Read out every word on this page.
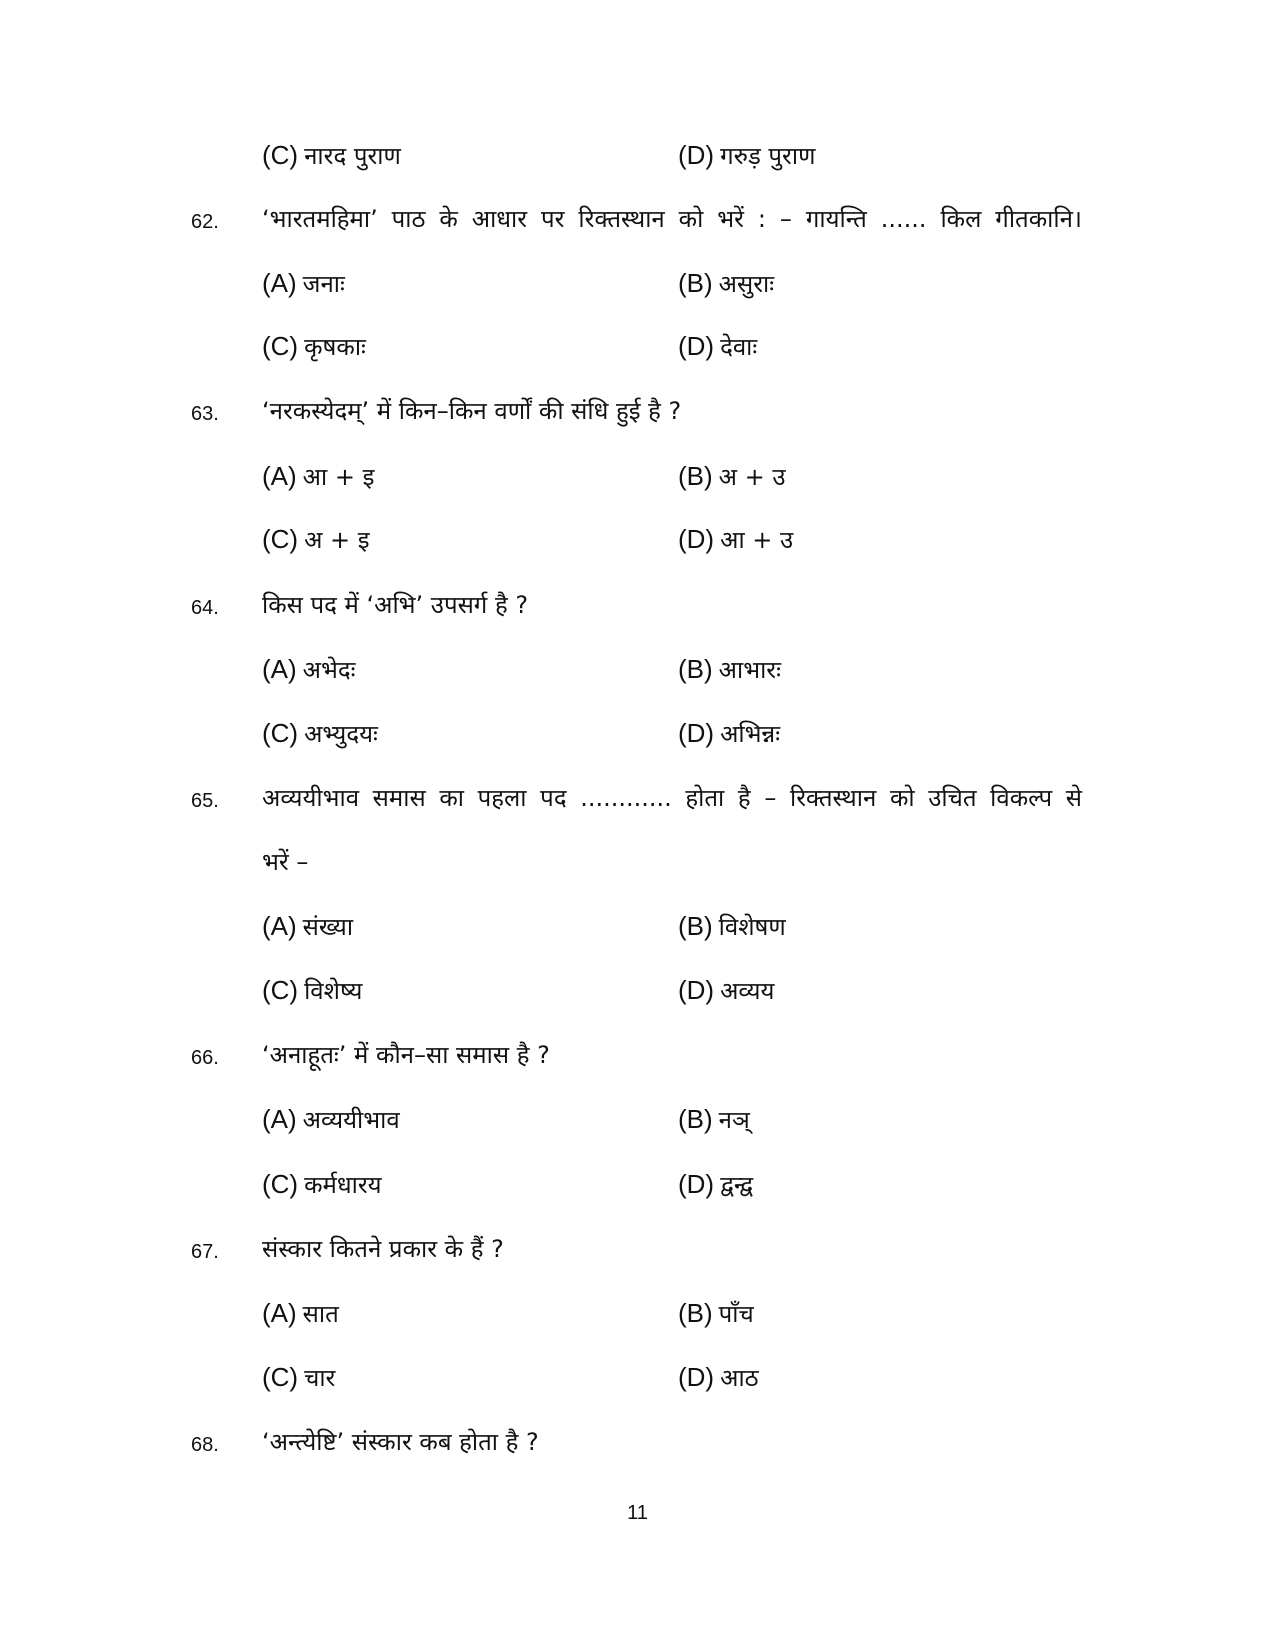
(C) नारद पुराण	(D) गरुड़ पुराण
62. ‘भारतमहिमा’ पाठ के आधार पर रिक्तस्थान को भरें : – गायन्ति ...... किल गीतकानि।
(A) जनाः	(B) असुराः
(C) कृषकाः	(D) देवाः
63. ‘नरकस्येदम्’ में किन–किन वर्णों की संधि हुई है ?
(A) आ + इ	(B) अ + उ
(C) अ + इ	(D) आ + उ
64. किस पद में ‘अभि’ उपसर्ग है ?
(A) अभेदः	(B) आभारः
(C) अभ्युदयः	(D) अभिन्नः
65. अव्ययीभाव समास का पहला पद ............ होता है – रिक्तस्थान को उचित विकल्प से
भरें –
(A) संख्या	(B) विशेषण
(C) विशेष्य	(D) अव्यय
66. ‘अनाहूतः’ में कौन–सा समास है ?
(A) अव्ययीभाव	(B) नञ्
(C) कर्मधारय	(D) द्वन्द्व
67. संस्कार कितने प्रकार के हैं ?
(A) सात	(B) पाँच
(C) चार	(D) आठ
68. ‘अन्त्येष्टि’ संस्कार कब होता है ?
11
